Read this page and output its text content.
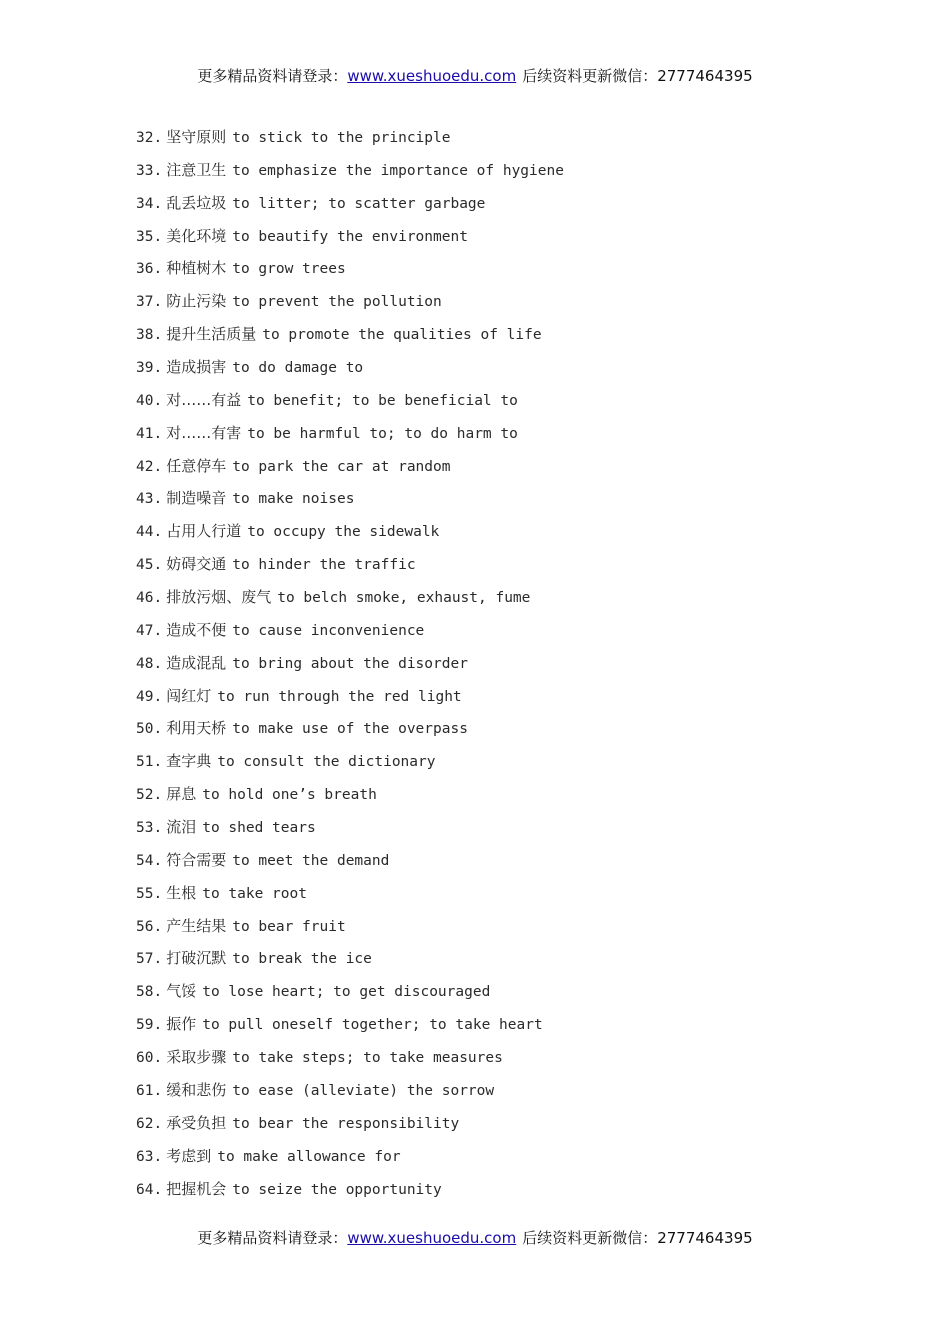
更多精品资料请登录：www.xueshuoedu.com 后续资料更新微信：2777464395
32. 坚守原则 to stick to the principle
33. 注意卫生 to emphasize the importance of hygiene
34. 乱丢垃圾 to litter; to scatter garbage
35. 美化环境 to beautify the environment
36. 种植树木 to grow trees
37. 防止污染 to prevent the pollution
38. 提升生活质量 to promote the qualities of life
39. 造成损害 to do damage to
40. 对……有益 to benefit; to be beneficial to
41. 对……有害 to be harmful to; to do harm to
42. 任意停车 to park the car at random
43. 制造噪音 to make noises
44. 占用人行道 to occupy the sidewalk
45. 妨碍交通 to hinder the traffic
46. 排放污烟、废气 to belch smoke, exhaust, fume
47. 造成不便 to cause inconvenience
48. 造成混乱 to bring about the disorder
49. 闯红灯 to run through the red light
50. 利用天桥 to make use of the overpass
51. 查字典 to consult the dictionary
52. 屏息 to hold one’s breath
53. 流泪 to shed tears
54. 符合需要 to meet the demand
55. 生根 to take root
56. 产生结果 to bear fruit
57. 打破沉默 to break the ice
58. 气馁 to lose heart; to get discouraged
59. 振作 to pull oneself together; to take heart
60. 采取步骤 to take steps; to take measures
61. 缓和悲伤 to ease (alleviate) the sorrow
62. 承受负担 to bear the responsibility
63. 考虑到 to make allowance for
64. 把握机会 to seize the opportunity
更多精品资料请登录：www.xueshuoedu.com 后续资料更新微信：2777464395
